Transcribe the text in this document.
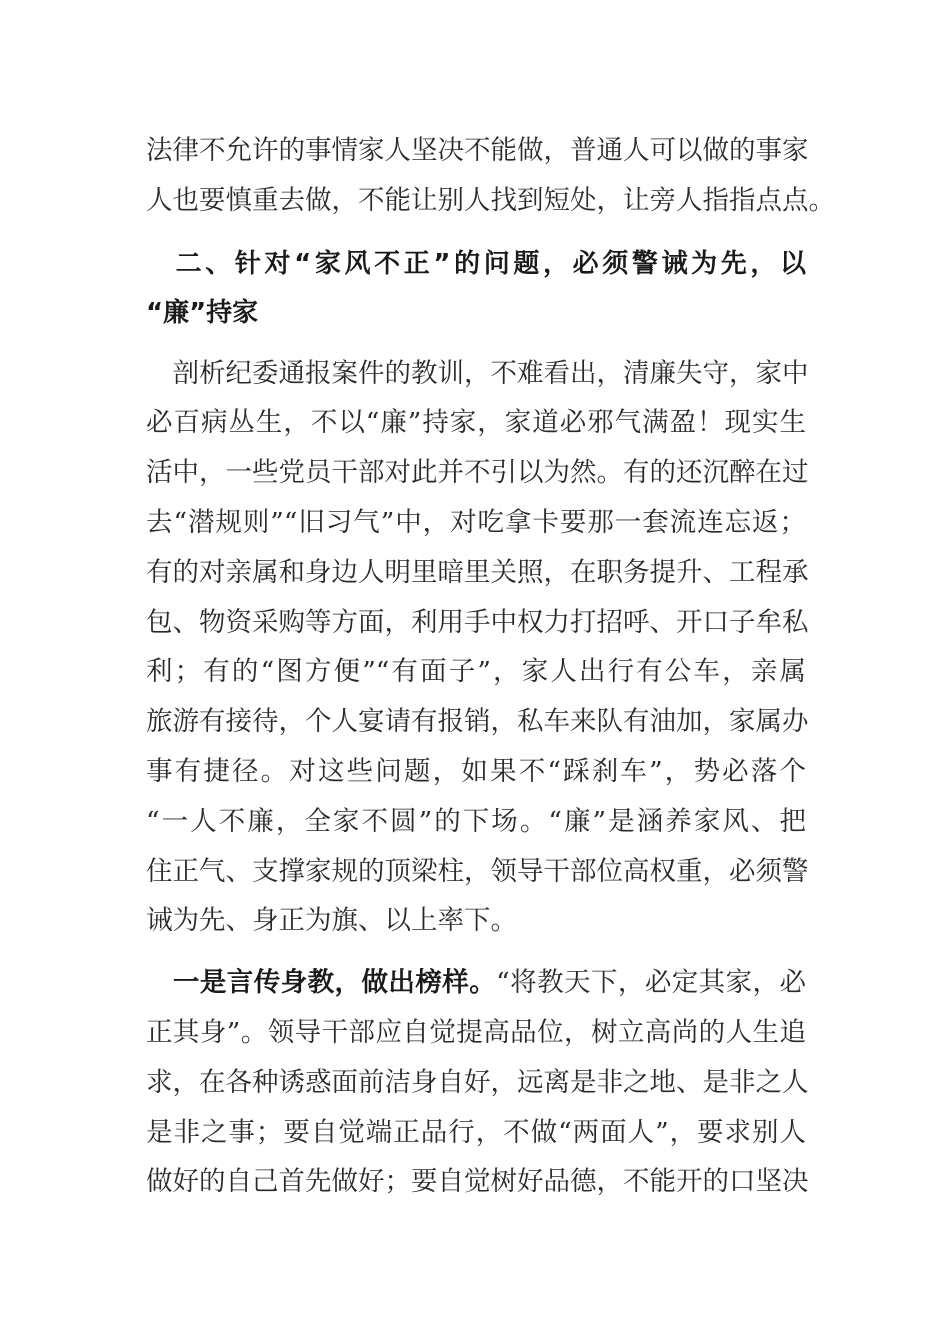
法律不允许的事情家人坚决不能做，普通人可以做的事家
人也要慎重去做，不能让别人找到短处，让旁人指指点点。
　二、针对“家风不正”的问题，必须警诫为先，以
“廉”持家
　剖析纪委通报案件的教训，不难看出，清廉失守，家中
必百病丛生，不以“廉”持家，家道必邪气满盈！现实生
活中，一些党员干部对此并不引以为然。有的还沉醉在过
去“潜规则”“旧习气”中，对吃拿卡要那一套流连忘返；
有的对亲属和身边人明里暗里关照，在职务提升、工程承
包、物资采购等方面，利用手中权力打招呼、开口子牟私
利；有的“图方便”“有面子”，家人出行有公车，亲属
旅游有接待，个人宴请有报销，私车来队有油加，家属办
事有捷径。对这些问题，如果不“踩刹车”，势必落个
“一人不廉，全家不圆”的下场。“廉”是涵养家风、把
住正气、支撑家规的顶梁柱，领导干部位高权重，必须警
诫为先、身正为旗、以上率下。
　一是言传身教，做出榜样。“将教天下，必定其家，必
正其身”。领导干部应自觉提高品位，树立高尚的人生追
求，在各种诱惑面前洁身自好，远离是非之地、是非之人
是非之事；要自觉端正品行，不做“两面人”，要求别人
做好的自己首先做好；要自觉树好品德，不能开的口坚决
